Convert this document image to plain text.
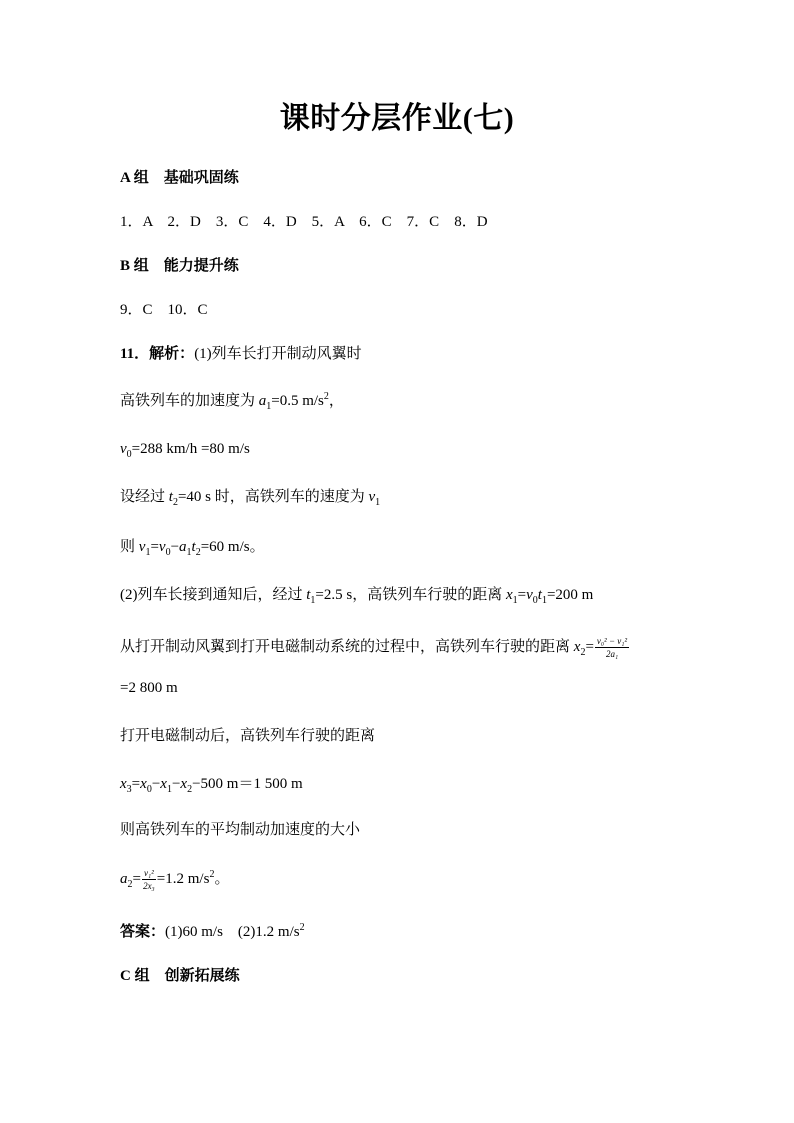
课时分层作业(七)
A 组　基础巩固练
1．A　2．D　3．C　4．D　5．A　6．C　7．C　8．D
B 组　能力提升练
9．C　10．C
11．解析：(1)列车长打开制动风翼时
高铁列车的加速度为 $a_1=0.5$ $m/s^2$，
$v_0=288$ km/h =80 m/s
设经过 $t_2=40$ s 时，高铁列车的速度为 $v_1$
则 $v_1=v_0-a_1t_2=60$ m/s。
(2)列车长接到通知后，经过 $t_1=2.5$ s，高铁列车行驶的距离 $x_1=v_0t_1=200$ m
从打开制动风翼到打开电磁制动系统的过程中，高铁列车行驶的距离 $x_2= \frac{\text{v₀² − v₁²}}{\text{2a₁}}$
=2 800 m
打开电磁制动后，高铁列车行驶的距离
$x_3=x_0-x_1-x_2-500$ m＝1 500 m
则高铁列车的平均制动加速度的大小
$a_2= \frac{\text{v₁²}}{\text{2x₃}} =1.2$ $m/s^2$。
答案：(1)60 m/s　(2)1.2 $m/s^2$
C 组　创新拓展练
